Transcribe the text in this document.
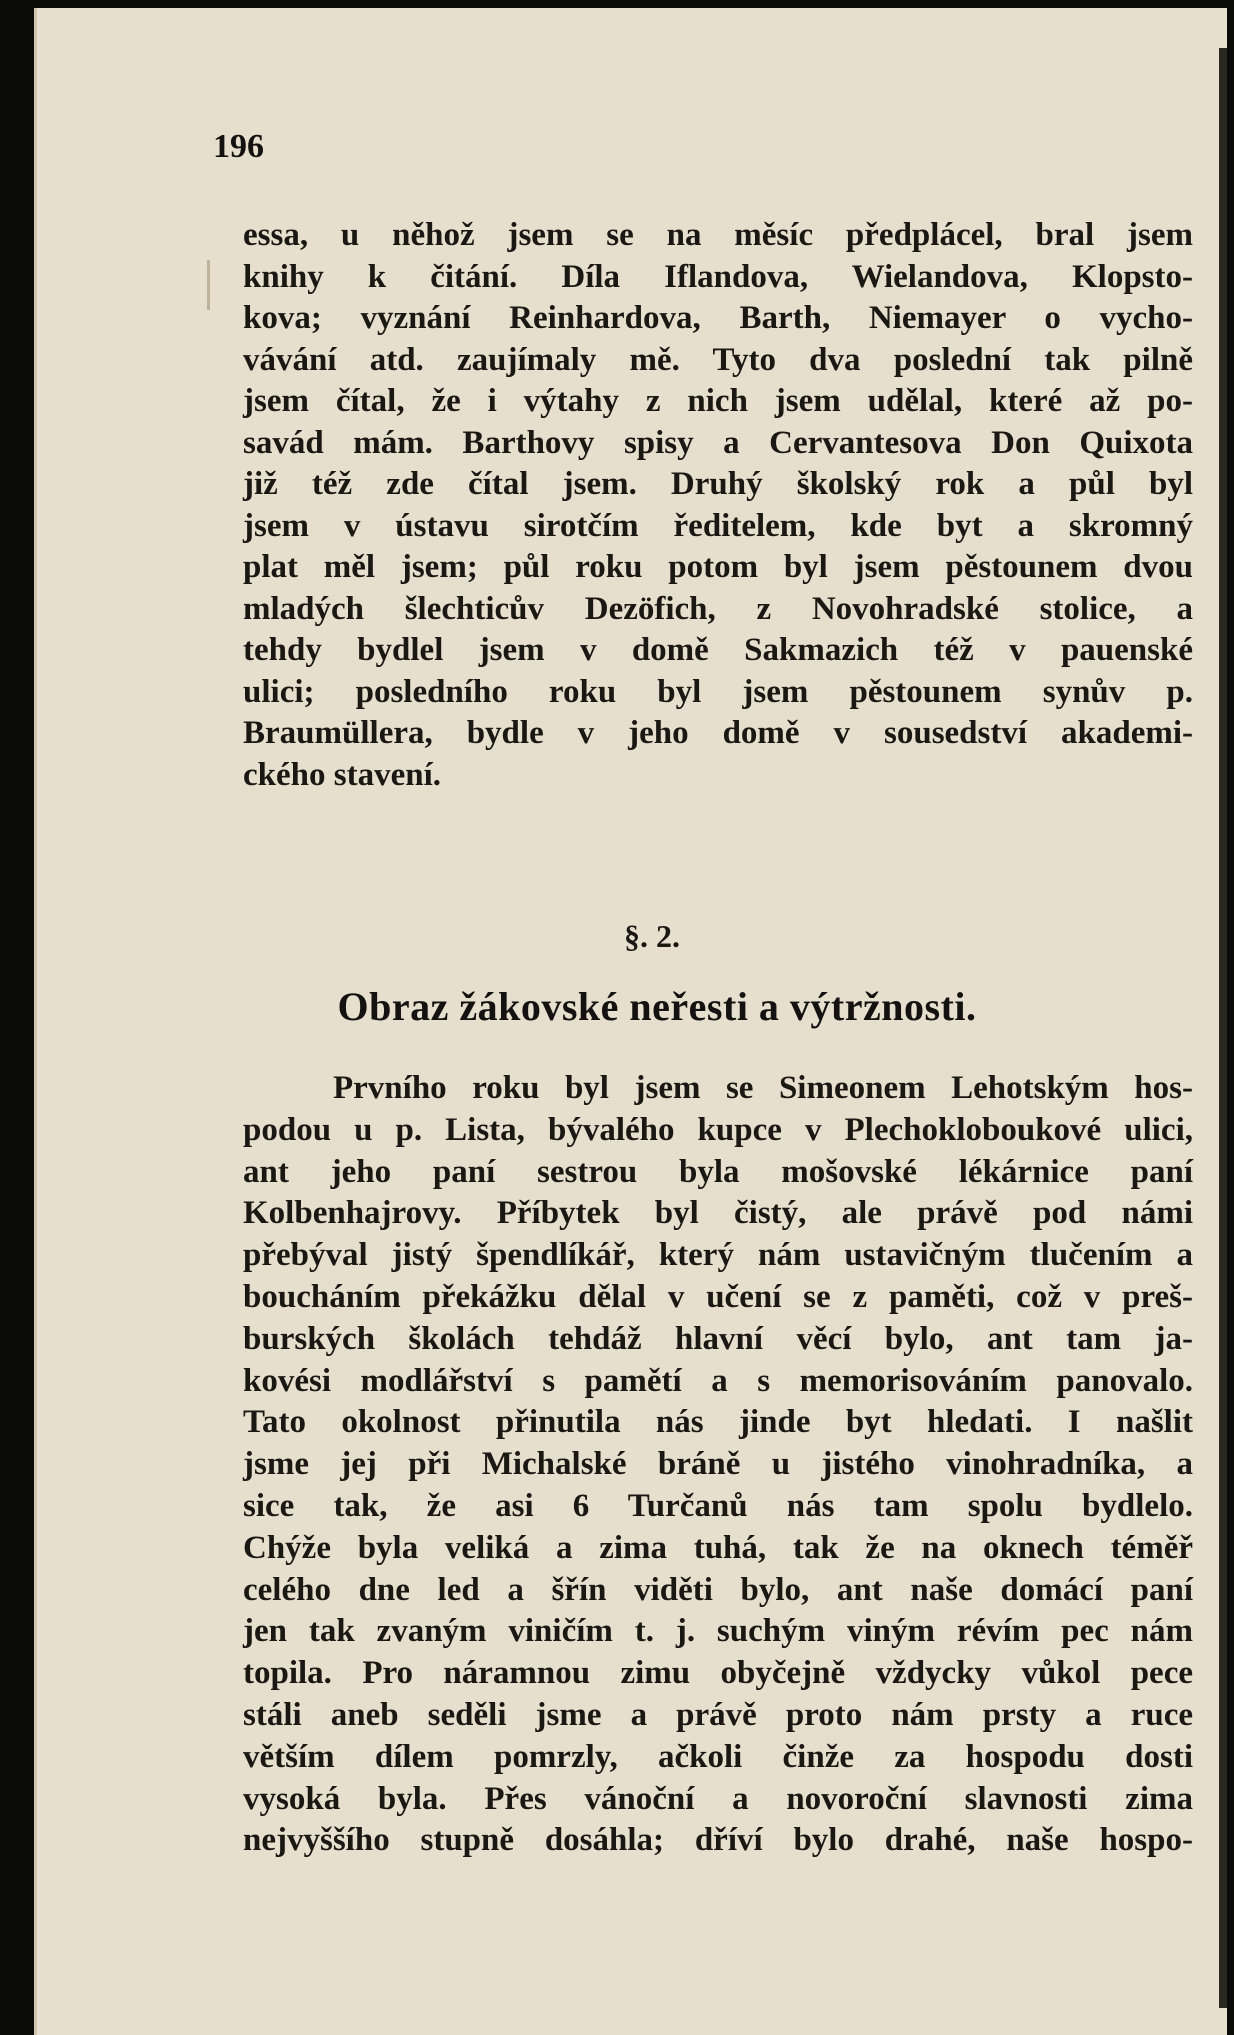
196
essa, u něhož jsem se na měsíc předplácel, bral jsem
knihy k čitání. Díla Iflandova, Wielandova, Klopsto-
kova; vyznání Reinhardova, Barth, Niemayer o vycho-
vávání atd. zaujímaly mě. Tyto dva poslední tak pilně
jsem čítal, že i výtahy z nich jsem udělal, které až po-
savád mám. Barthovy spisy a Cervantesova Don Quixota
již též zde čítal jsem. Druhý školský rok a půl byl
jsem v ústavu sirotčím ředitelem, kde byt a skromný
plat měl jsem; půl roku potom byl jsem pěstounem dvou
mladých šlechticův Dezöfich, z Novohradské stolice, a
tehdy bydlel jsem v domě Sakmazich též v pauenské
ulici; posledního roku byl jsem pěstounem synův p.
Braumüllera, bydle v jeho domě v sousedství akademi-
ckého stavení.
§. 2.
Obraz žákovské neřesti a výtržnosti.
Prvního roku byl jsem se Simeonem Lehotským hos-
podou u p. Lista, bývalého kupce v Plechokloboukové ulici,
ant jeho paní sestrou byla mošovské lékárnice paní
Kolbenhajrovy. Příbytek byl čistý, ale právě pod námi
přebýval jistý špendlíkář, který nám ustavičným tlučením a
boucháním překážku dělal v učení se z paměti, což v preš-
burských školách tehdáž hlavní věcí bylo, ant tam ja-
kovési modlářství s pamětí a s memorisováním panovalo.
Tato okolnost přinutila nás jinde byt hledati. I našlit
jsme jej při Michalské bráně u jistého vinohradníka, a
sice tak, že asi 6 Turčanů nás tam spolu bydlelo.
Chýže byla veliká a zima tuhá, tak že na oknech téměř
celého dne led a šřín viděti bylo, ant naše domácí paní
jen tak zvaným viničím t. j. suchým viným révím pec nám
topila. Pro náramnou zimu obyčejně vždycky vůkol pece
stáli aneb seděli jsme a právě proto nám prsty a ruce
větším dílem pomrzly, ačkoli činže za hospodu dosti
vysoká byla. Přes vánoční a novoroční slavnosti zima
nejvyššího stupně dosáhla; dříví bylo drahé, naše hospo-
